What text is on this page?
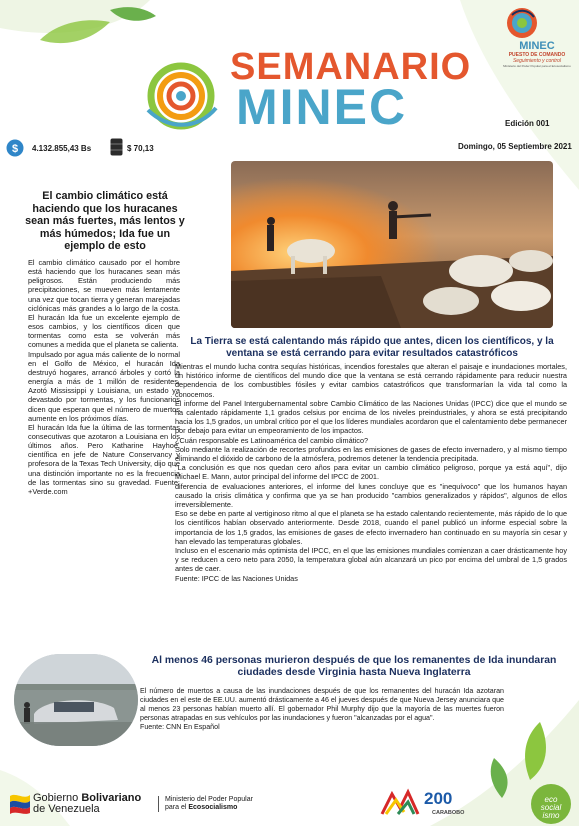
SEMANARIO
MINEC
MINEC
PUESTO DE COMANDO
Seguimiento y control
Ministerio del Poder Popular para el Ecosocialismo
Edición 001
Domingo, 05 Septiembre 2021
$ 4.132.855,43 Bs	$ 70,13
El cambio climático está haciendo que los huracanes sean más fuertes, más lentos y más húmedos; Ida fue un ejemplo de esto

El cambio climático causado por el hombre está haciendo que los huracanes sean más peligrosos. Están produciendo más precipitaciones, se mueven más lentamente una vez que tocan tierra y generan marejadas ciclónicas más grandes a lo largo de la costa. El huracán Ida fue un excelente ejemplo de esos cambios, y los científicos dicen que tormentas como esta se volverán más comunes a medida que el planeta se calienta.

Impulsado por agua más caliente de lo normal en el Golfo de México, el huracán Ida destruyó hogares, arrancó árboles y cortó la energía a más de 1 millón de residentes. Azotó Mississippi y Louisiana, un estado ya devastado por tormentas, y los funcionarios dicen que esperan que el número de muertos aumente en los próximos días.

El huracán Ida fue la última de las tormentas consecutivas que azotaron a Louisiana en los últimos años. Pero Katharine Hayhoe, científica en jefe de Nature Conservancy y profesora de la Texas Tech University, dijo que una distinción importante no es la frecuencia de las tormentas sino su gravedad. Fuente: +Verde.com

La Tierra se está calentando más rápido que antes, dicen los científicos, y la ventana se está cerrando para evitar resultados catastróficos

Mientras el mundo lucha contra sequías históricas, incendios forestales que alteran el paisaje e inundaciones mortales, un histórico informe de científicos del mundo dice que la ventana se está cerrando rápidamente para reducir nuestra dependencia de los combustibles fósiles y evitar cambios catastróficos que transformarían la vida tal como la conocemos.

El informe del Panel Intergubernamental sobre Cambio Climático de las Naciones Unidas (IPCC) dice que el mundo se ha calentado rápidamente 1,1 grados celsius por encima de los niveles preindustriales, y ahora se está precipitando hacia los 1,5 grados, un umbral crítico por el que los líderes mundiales acordaron que el calentamiento debe permanecer por debajo para evitar un empeoramiento de los impactos.

¿Cuán responsable es Latinoamérica del cambio climático?

Solo mediante la realización de recortes profundos en las emisiones de gases de efecto invernadero, y al mismo tiempo eliminando el dióxido de carbono de la atmósfera, podremos detener la tendencia precipitada.

"La conclusión es que nos quedan cero años para evitar un cambio climático peligroso, porque ya está aquí", dijo Michael E. Mann, autor principal del informe del IPCC de 2001.

diferencia de evaluaciones anteriores, el informe del lunes concluye que es "inequívoco" que los humanos hayan causado la crisis climática y confirma que ya se han producido "cambios generalizados y rápidos", algunos de ellos irreversiblemente.

Eso se debe en parte al vertiginoso ritmo al que el planeta se ha estado calentando recientemente, más rápido de lo que los científicos habían observado anteriormente. Desde 2018, cuando el panel publicó un informe especial sobre la importancia de los 1,5 grados, las emisiones de gases de efecto invernadero han continuado en su mayoría sin cesar y han elevado las temperaturas globales.

Incluso en el escenario más optimista del IPCC, en el que las emisiones mundiales comienzan a caer drásticamente hoy y se reducen a cero neto para 2050, la temperatura global aún alcanzará un pico por encima del umbral de 1,5 grados antes de caer.

Fuente: IPCC de las Naciones Unidas

Al menos 46 personas murieron después de que los remanentes de Ida inundaran ciudades desde Virginia hasta Nueva Inglaterra

El número de muertos a causa de las inundaciones después de que los remanentes del huracán Ida azotaran ciudades en el este de EE.UU. aumentó drásticamente a 46 el jueves después de que Nueva Jersey anunciara que al menos 23 personas habían muerto allí. El gobernador Phil Murphy dijo que la mayoría de las muertes fueron personas atrapadas en sus vehículos por las inundaciones y fueron "alcanzadas por el agua".

Fuente: CNN En Español

Gobierno Bolivariano
de Venezuela
Ministerio del Poder Popular
para el Ecosocialismo	200
CARABOBO
eco
social
ismo
